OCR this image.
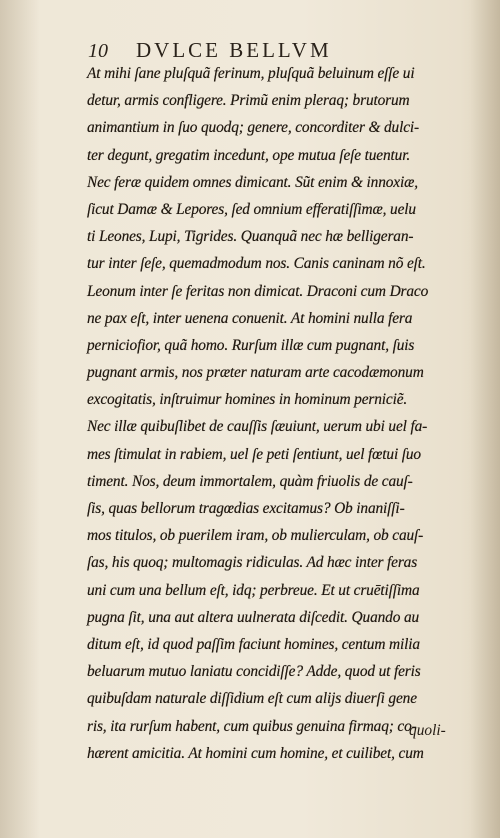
10 DVLCE BELLVM
At mihi ſane pluſquã ferinum, pluſquã beluinum eſſe ui
detur, armis confligere. Primũ enim pleraq; brutorum
animantium in ſuo quodq; genere, concorditer & dulci-
ter degunt, gregatim incedunt, ope mutua ſeſe tuentur.
Nec feræ quidem omnes dimicant. Sũt enim & innoxiæ,
ſicut Damæ & Lepores, ſed omnium efferatiſſimæ, uelu
ti Leones, Lupi, Tigrides. Quanquã nec hæ belligeran-
tur inter ſeſe, quemadmodum nos. Canis caninam nõ eſt.
Leonum inter ſe feritas non dimicat. Draconi cum Draco
ne pax eſt, inter uenena conuenit. At homini nulla fera
perniciofior, quã homo. Rurſum illæ cum pugnant, ſuis
pugnant armis, nos præter naturam arte cacodæmonum
excogitatis, inſtruimur homines in hominum perniciẽ.
Nec illæ quibuſlibet de cauſſis ſæuiunt, uerum ubi uel fa-
mes ſtimulat in rabiem, uel ſe peti ſentiunt, uel fœtui ſuo
timent. Nos, deum immortalem, quàm friuolis de cauſ-
ſis, quas bellorum tragœdias excitamus? Ob inaniſſi-
mos titulos, ob puerilem iram, ob mulierculam, ob cauſ-
ſas, his quoq; multomagis ridiculas. Ad hæc inter feras
uni cum una bellum eſt, idq; perbreue. Et ut cruētiſſima
pugna ſit, una aut altera uulnerata diſcedit. Quando au
ditum eſt, id quod paſſim faciunt homines, centum milia
beluarum mutuo laniatu concidiſſe? Adde, quod ut feris
quibuſdam naturale diſſidium eſt cum alijs diuerſi gene
ris, ita rurſum habent, cum quibus genuina firmaq; co-
hærent amicitia. At homini cum homine, et cuilibet, cum
quoli-
